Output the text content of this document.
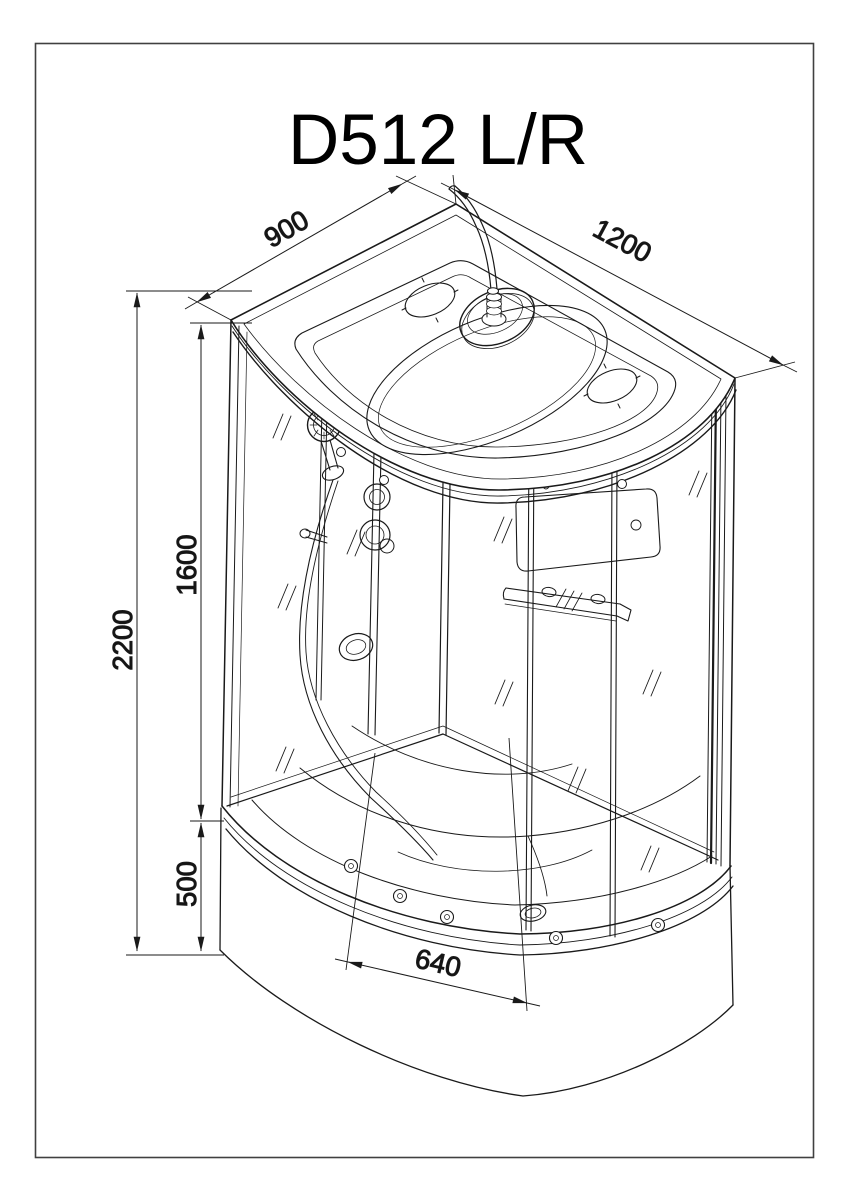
D512 L/R
2200
1600
500
900	1200
640
